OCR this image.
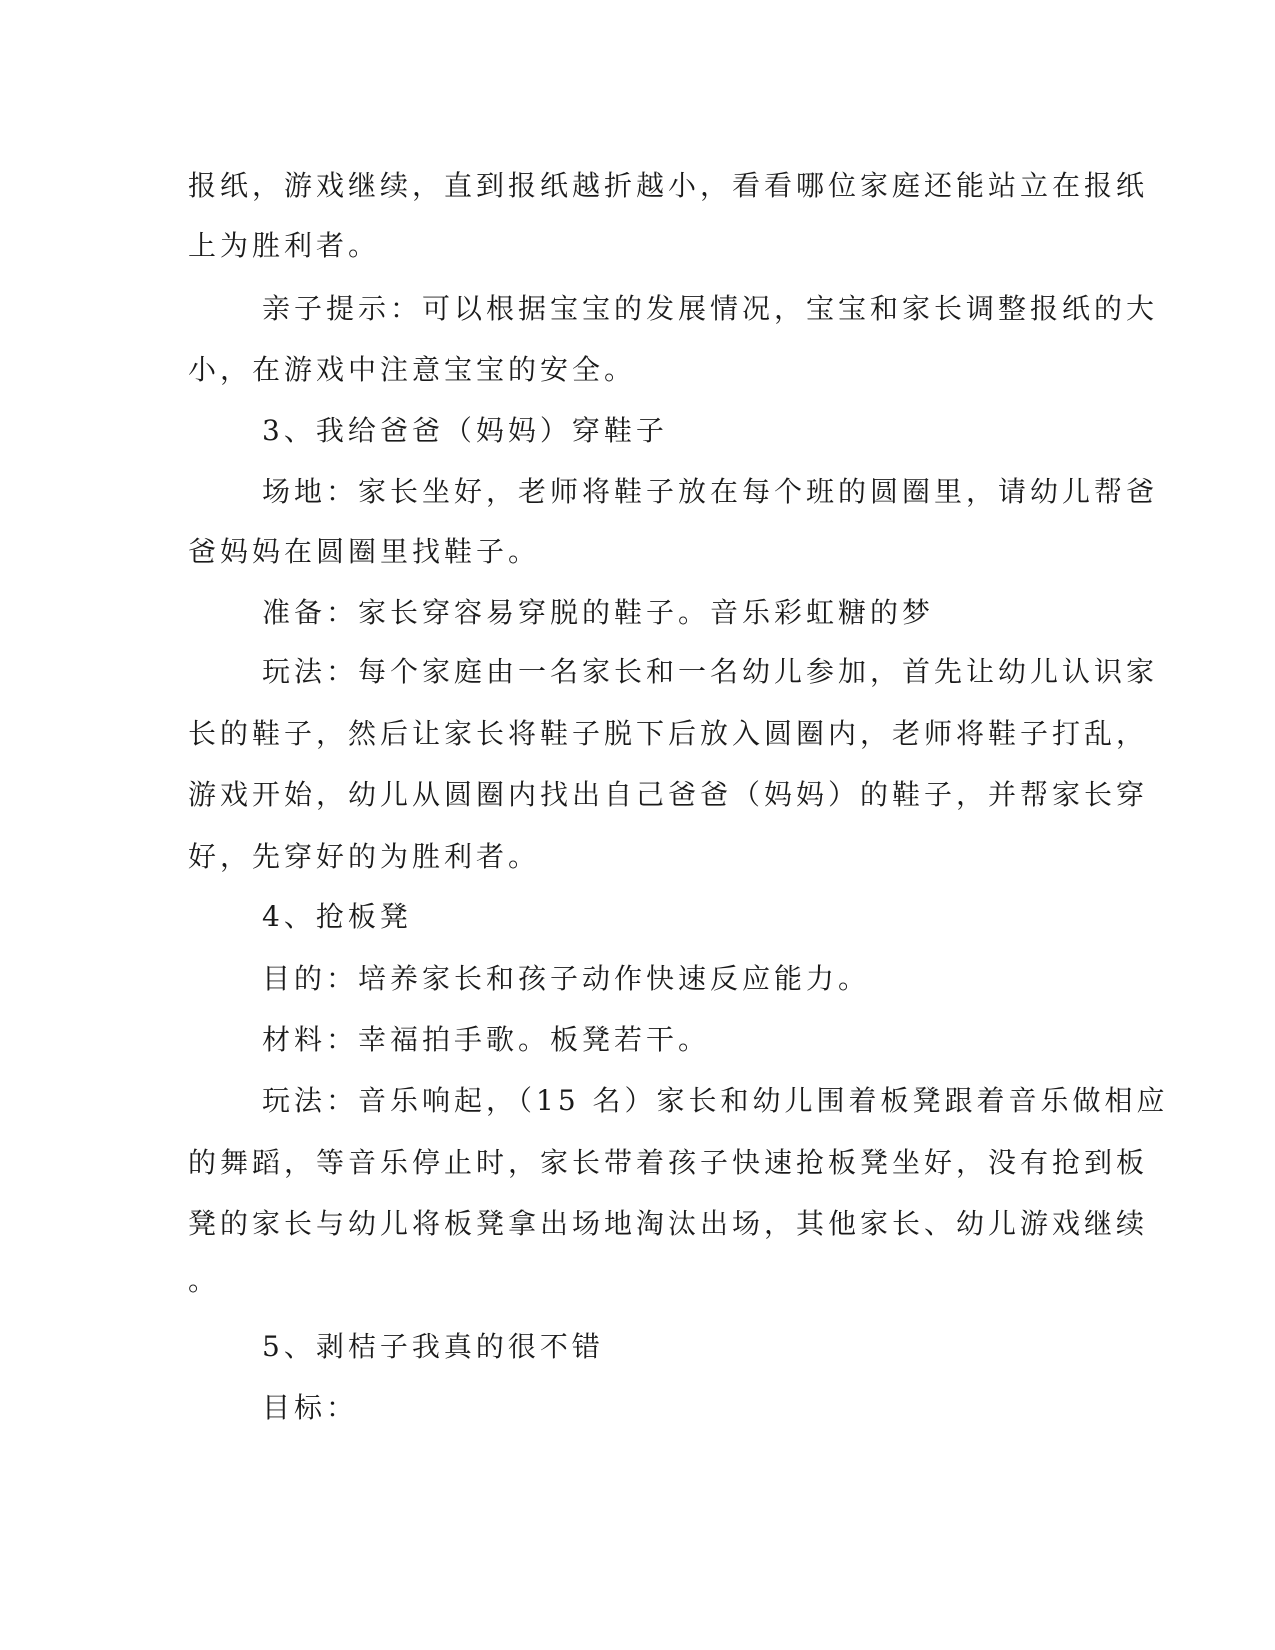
报纸，游戏继续，直到报纸越折越小，看看哪位家庭还能站立在报纸
上为胜利者。
亲子提示：可以根据宝宝的发展情况，宝宝和家长调整报纸的大
小，在游戏中注意宝宝的安全。
3、我给爸爸（妈妈）穿鞋子
场地：家长坐好，老师将鞋子放在每个班的圆圈里，请幼儿帮爸
爸妈妈在圆圈里找鞋子。
准备：家长穿容易穿脱的鞋子。音乐彩虹糖的梦
玩法：每个家庭由一名家长和一名幼儿参加，首先让幼儿认识家
长的鞋子，然后让家长将鞋子脱下后放入圆圈内，老师将鞋子打乱，
游戏开始，幼儿从圆圈内找出自己爸爸（妈妈）的鞋子，并帮家长穿
好，先穿好的为胜利者。
4、抢板凳
目的：培养家长和孩子动作快速反应能力。
材料：幸福拍手歌。板凳若干。
玩法：音乐响起，（15 名）家长和幼儿围着板凳跟着音乐做相应
的舞蹈，等音乐停止时，家长带着孩子快速抢板凳坐好，没有抢到板
凳的家长与幼儿将板凳拿出场地淘汰出场，其他家长、幼儿游戏继续
。
5、剥桔子我真的很不错
目标：
